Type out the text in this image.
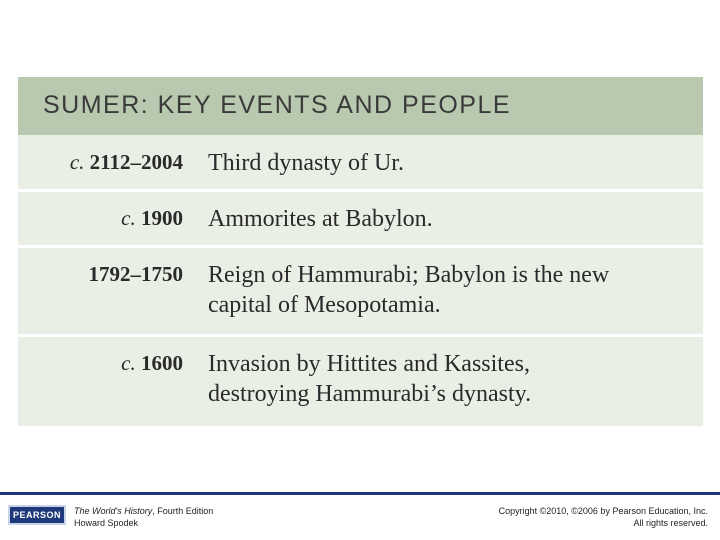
SUMER: KEY EVENTS AND PEOPLE
c. 2112–2004 Third dynasty of Ur.
c. 1900 Ammorites at Babylon.
1792–1750 Reign of Hammurabi; Babylon is the new
capital of Mesopotamia.
c. 1600 Invasion by Hittites and Kassites,
destroying Hammurabi’s dynasty.
PEARSON	The World's History, Fourth Edition
Howard Spodek
Copyright ©2010, ©2006 by Pearson Education, Inc.
All rights reserved.
